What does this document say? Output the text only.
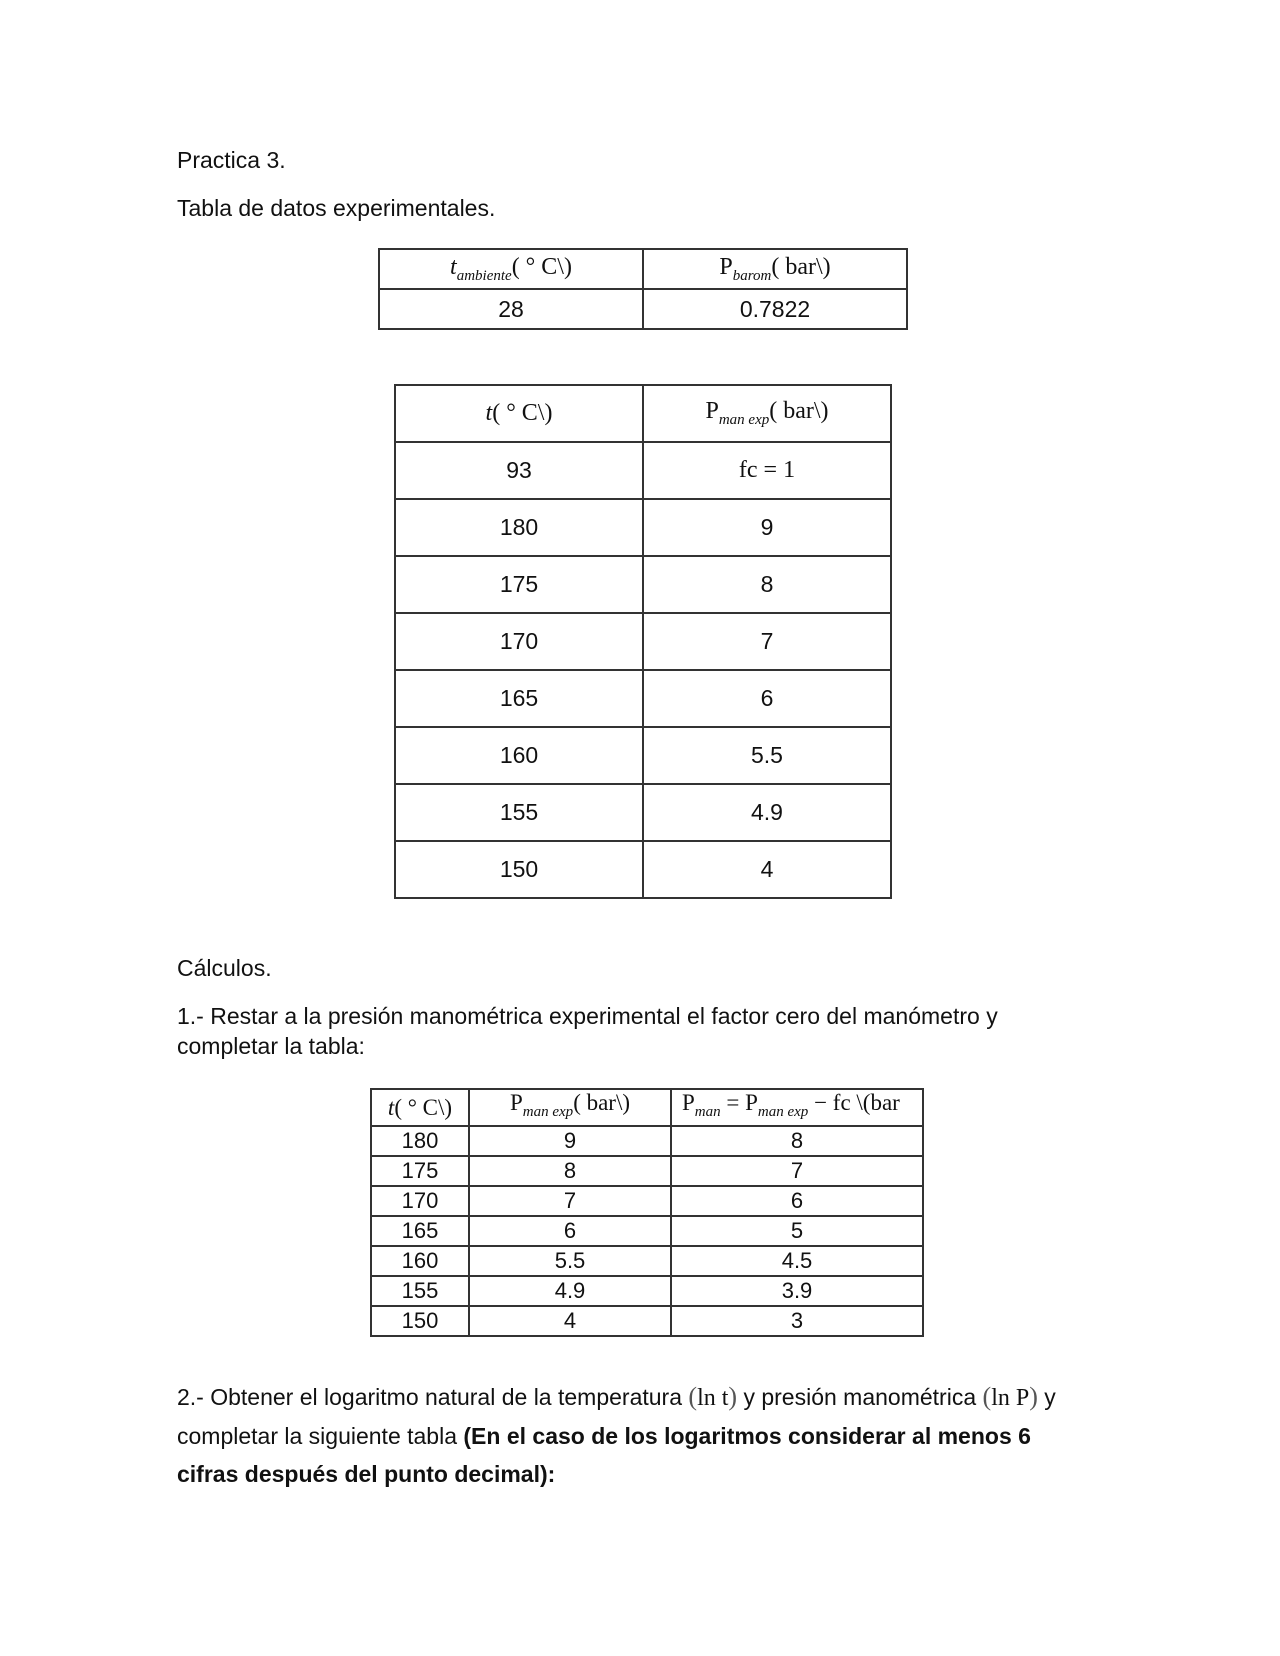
Practica 3.

Tabla de datos experimentales.

$t_{ambiente}$( ° C\)	$P_{barom}$( bar\)
28	0.7822
t( ° C\)	$P_{man exp}$( bar\)
93	fc = 1
180	9
175	8
170	7
165	6
160	5.5
155	4.9
150	4

Cálculos.

1.- Restar a la presión manométrica experimental el factor cero del manómetro y completar la tabla:

t( ° C\)	$P_{man exp}$( bar\)	$P_{man} = P_{man exp}$ − fc \(bar
180	9	8
175	8	7
170	7	6
165	6	5
160	5.5	4.5
155	4.9	3.9
150	4	3

2.- Obtener el logaritmo natural de la temperatura (ln t) y presión manométrica (ln P) y completar la siguiente tabla (En el caso de los logaritmos considerar al menos 6 cifras después del punto decimal):
